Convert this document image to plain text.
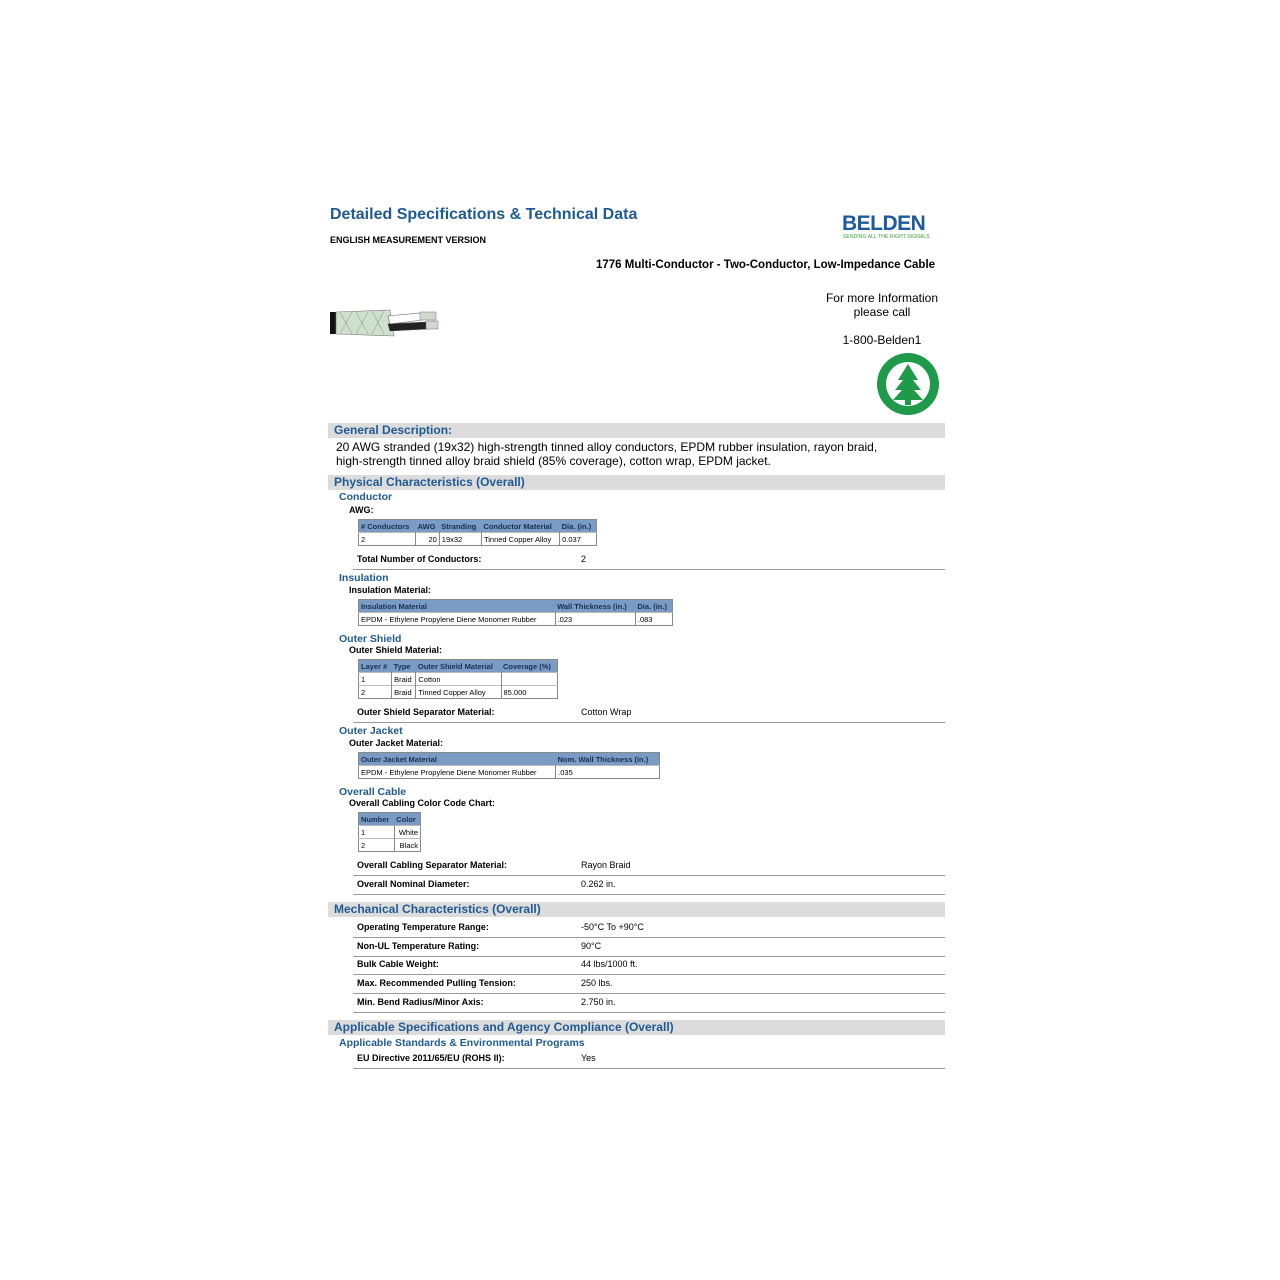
Detailed Specifications & Technical Data
ENGLISH MEASUREMENT VERSION
BELDEN
SENDING ALL THE RIGHT SIGNALS
1776 Multi-Conductor - Two-Conductor, Low-Impedance Cable
For more Information
please call
1-800-Belden1
General Description:
20 AWG stranded (19x32) high-strength tinned alloy conductors, EPDM rubber insulation, rayon braid, high-strength tinned alloy braid shield (85% coverage), cotton wrap, EPDM jacket.
Physical Characteristics (Overall)
Conductor
AWG:
# Conductors	AWG	Stranding	Conductor Material	Dia. (in.)
2	20	19x32	Tinned Copper Alloy	0.037
Total Number of Conductors:	2
Insulation
Insulation Material:
Insulation Material	Wall Thickness (in.)	Dia. (in.)
EPDM - Ethylene Propylene Diene Monomer Rubber	.023	.083
Outer Shield
Outer Shield Material:
Layer #	Type	Outer Shield Material	Coverage (%)
1	Braid	Cotton	
2	Braid	Tinned Copper Alloy	85.000
Outer Shield Separator Material:	Cotton Wrap
Outer Jacket
Outer Jacket Material:
Outer Jacket Material	Nom. Wall Thickness (in.)
EPDM - Ethylene Propylene Diene Monomer Rubber	.035
Overall Cable
Overall Cabling Color Code Chart:
Number	Color
1	White
2	Black
Overall Cabling Separator Material:	Rayon Braid
Overall Nominal Diameter:	0.262 in.
Mechanical Characteristics (Overall)
Operating Temperature Range:	-50°C To +90°C
Non-UL Temperature Rating:	90°C
Bulk Cable Weight:	44 lbs/1000 ft.
Max. Recommended Pulling Tension:	250 lbs.
Min. Bend Radius/Minor Axis:	2.750 in.
Applicable Specifications and Agency Compliance (Overall)
Applicable Standards & Environmental Programs
EU Directive 2011/65/EU (ROHS II):	Yes
